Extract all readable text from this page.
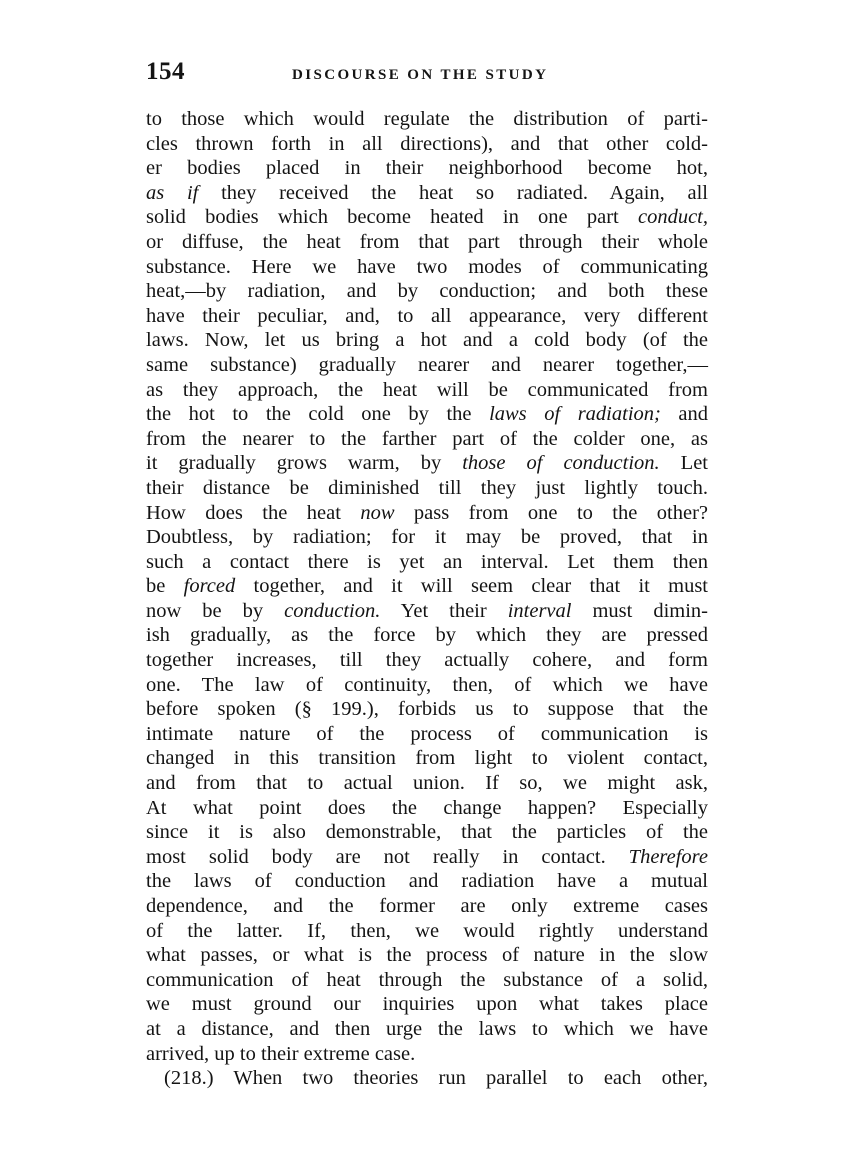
154	DISCOURSE ON THE STUDY
to those which would regulate the distribution of parti-
cles thrown forth in all directions), and that other cold-
er bodies placed in their neighborhood become hot,
as if they received the heat so radiated. Again, all
solid bodies which become heated in one part conduct,
or diffuse, the heat from that part through their whole
substance. Here we have two modes of communicating
heat,—by radiation, and by conduction; and both these
have their peculiar, and, to all appearance, very different
laws. Now, let us bring a hot and a cold body (of the
same substance) gradually nearer and nearer together,—
as they approach, the heat will be communicated from
the hot to the cold one by the laws of radiation; and
from the nearer to the farther part of the colder one, as
it gradually grows warm, by those of conduction. Let
their distance be diminished till they just lightly touch.
How does the heat now pass from one to the other?
Doubtless, by radiation; for it may be proved, that in
such a contact there is yet an interval. Let them then
be forced together, and it will seem clear that it must
now be by conduction. Yet their interval must dimin-
ish gradually, as the force by which they are pressed
together increases, till they actually cohere, and form
one. The law of continuity, then, of which we have
before spoken (§ 199.), forbids us to suppose that the
intimate nature of the process of communication is
changed in this transition from light to violent contact,
and from that to actual union. If so, we might ask,
At what point does the change happen? Especially
since it is also demonstrable, that the particles of the
most solid body are not really in contact. Therefore
the laws of conduction and radiation have a mutual
dependence, and the former are only extreme cases
of the latter. If, then, we would rightly understand
what passes, or what is the process of nature in the slow
communication of heat through the substance of a solid,
we must ground our inquiries upon what takes place
at a distance, and then urge the laws to which we have
arrived, up to their extreme case.
(218.) When two theories run parallel to each other,
